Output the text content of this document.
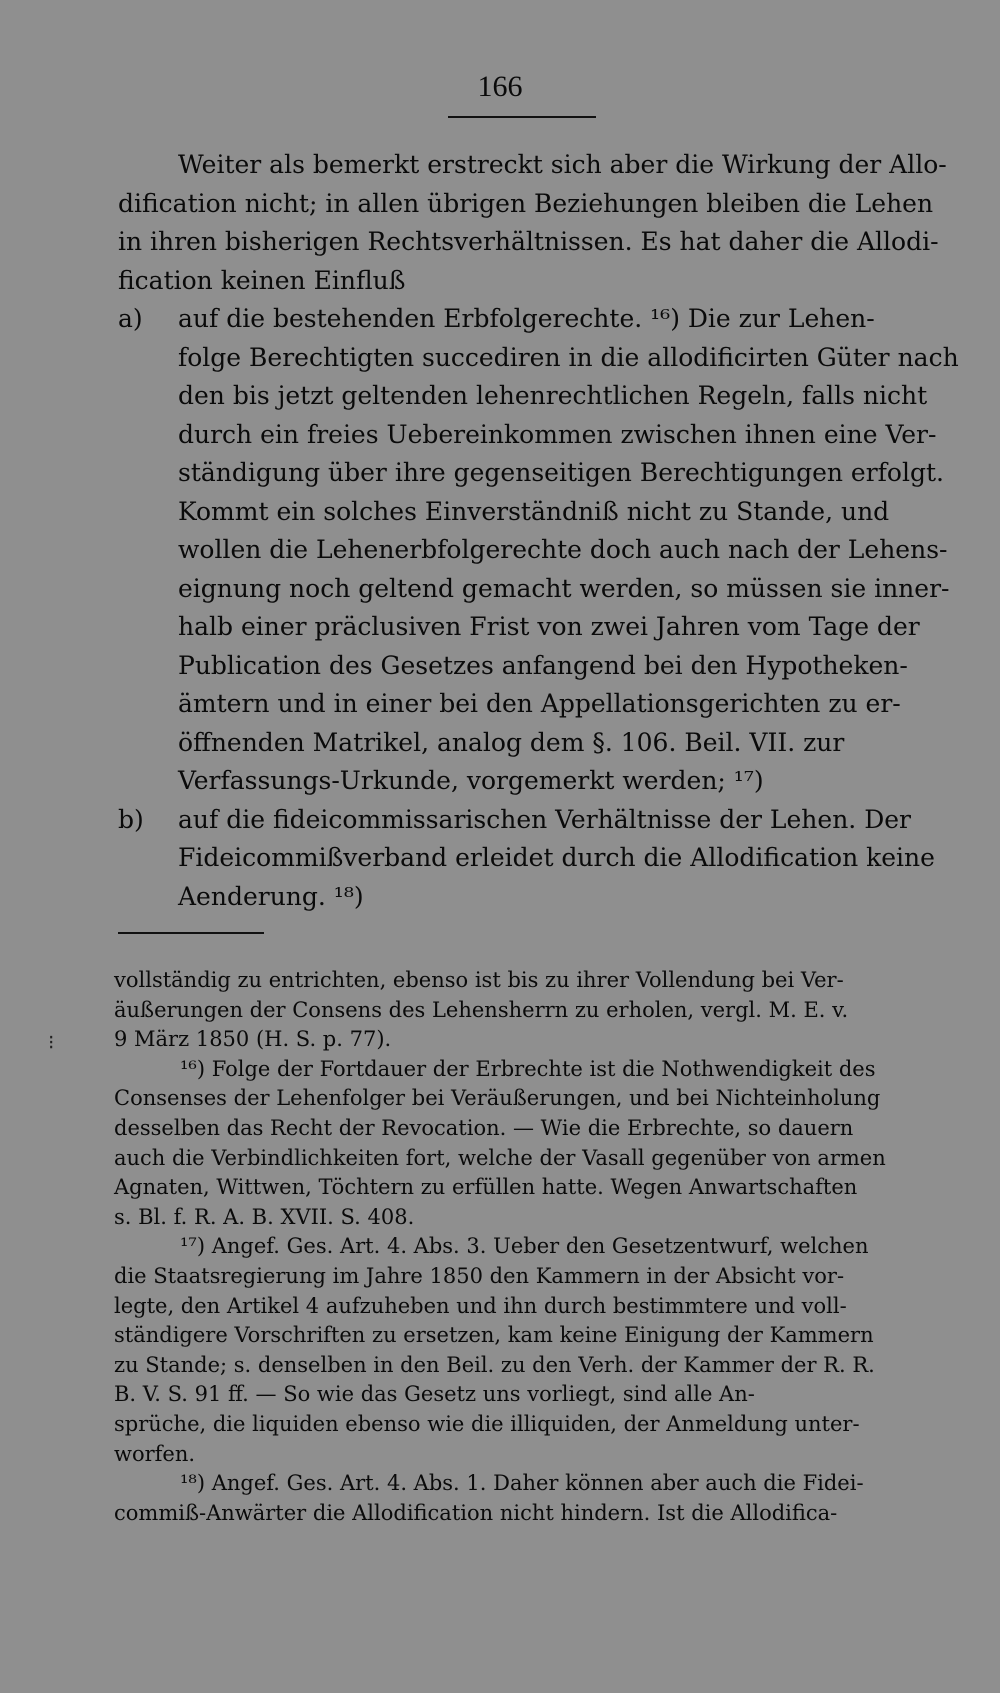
166
Weiter als bemerkt erstreckt sich aber die Wirkung der Allo-
dification nicht; in allen übrigen Beziehungen bleiben die Lehen
in ihren bisherigen Rechtsverhältnissen. Es hat daher die Allodi-
fication keinen Einfluß
a) auf die bestehenden Erbfolgerechte. ¹⁶) Die zur Lehen-
folge Berechtigten succediren in die allodificirten Güter nach
den bis jetzt geltenden lehenrechtlichen Regeln, falls nicht
durch ein freies Uebereinkommen zwischen ihnen eine Ver-
ständigung über ihre gegenseitigen Berechtigungen erfolgt.
Kommt ein solches Einverständniß nicht zu Stande, und
wollen die Lehenerbfolgerechte doch auch nach der Lehens-
eignung noch geltend gemacht werden, so müssen sie inner-
halb einer präclusiven Frist von zwei Jahren vom Tage der
Publication des Gesetzes anfangend bei den Hypotheken-
ämtern und in einer bei den Appellationsgerichten zu er-
öffnenden Matrikel, analog dem §. 106. Beil. VII. zur
Verfassungs-Urkunde, vorgemerkt werden; ¹⁷)
b) auf die fideicommissarischen Verhältnisse der Lehen. Der
Fideicommißverband erleidet durch die Allodification keine
Aenderung. ¹⁸)
⁝
vollständig zu entrichten, ebenso ist bis zu ihrer Vollendung bei Ver-
äußerungen der Consens des Lehensherrn zu erholen, vergl. M. E. v.
9 März 1850 (H. S. p. 77).
¹⁶) Folge der Fortdauer der Erbrechte ist die Nothwendigkeit des
Consenses der Lehenfolger bei Veräußerungen, und bei Nichteinholung
desselben das Recht der Revocation. — Wie die Erbrechte, so dauern
auch die Verbindlichkeiten fort, welche der Vasall gegenüber von armen
Agnaten, Wittwen, Töchtern zu erfüllen hatte. Wegen Anwartschaften
s. Bl. f. R. A. B. XVII. S. 408.
¹⁷) Angef. Ges. Art. 4. Abs. 3. Ueber den Gesetzentwurf, welchen
die Staatsregierung im Jahre 1850 den Kammern in der Absicht vor-
legte, den Artikel 4 aufzuheben und ihn durch bestimmtere und voll-
ständigere Vorschriften zu ersetzen, kam keine Einigung der Kammern
zu Stande; s. denselben in den Beil. zu den Verh. der Kammer der R. R.
B. V. S. 91 ff. — So wie das Gesetz uns vorliegt, sind alle An-
sprüche, die liquiden ebenso wie die illiquiden, der Anmeldung unter-
worfen.
¹⁸) Angef. Ges. Art. 4. Abs. 1. Daher können aber auch die Fidei-
commiß-Anwärter die Allodification nicht hindern. Ist die Allodifica-
